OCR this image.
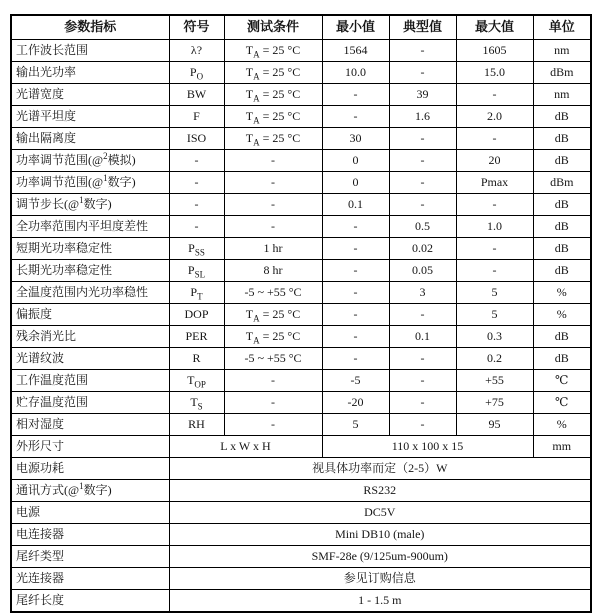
参数指标	符号	测试条件	最小值	典型值	最大值	单位
工作波长范围	λ?	$T_A = 25$ °C	1564	-	1605	nm
输出光功率	$P_O$	$T_A = 25$ °C	10.0	-	15.0	dBm
光谱宽度	BW	$T_A = 25$ °C	-	39	-	nm
光谱平坦度	F	$T_A = 25$ °C	-	1.6	2.0	dB
输出隔离度	ISO	$T_A = 25$ °C	30	-	-	dB
功率调节范围(@$^2$模拟)	-	-	0	-	20	dB
功率调节范围(@$^1$数字)	-	-	0	-	Pmax	dBm
调节步长(@$^1$数字)	-	-	0.1	-	-	dB
全功率范围内平坦度差性	-	-	-	0.5	1.0	dB
短期光功率稳定性	$P_{SS}$	1 hr	-	0.02	-	dB
长期光功率稳定性	$P_{SL}$	8 hr	-	0.05	-	dB
全温度范围内光功率稳性	$P_T$	-5 ~ +55 °C	-	3	5	%
偏振度	DOP	$T_A = 25$ °C	-	-	5	%
残余消光比	PER	$T_A = 25$ °C	-	0.1	0.3	dB
光谱纹波	R	-5 ~ +55 °C	-	-	0.2	dB
工作温度范围	$T_{OP}$	-	-5	-	+55	℃
贮存温度范围	$T_S$	-	-20	-	+75	℃
相对湿度	RH	-	5	-	95	%
外形尺寸	L x W x H		110 x 100 x 15			mm
电源功耗	视具体功率而定（2-5）W					
通讯方式(@$^1$数字)	RS232					
电源	DC5V					
电连接器	Mini DB10 (male)					
尾纤类型	SMF-28e (9/125um-900um)					
光连接器	参见订购信息					
尾纤长度	1 - 1.5 m					
